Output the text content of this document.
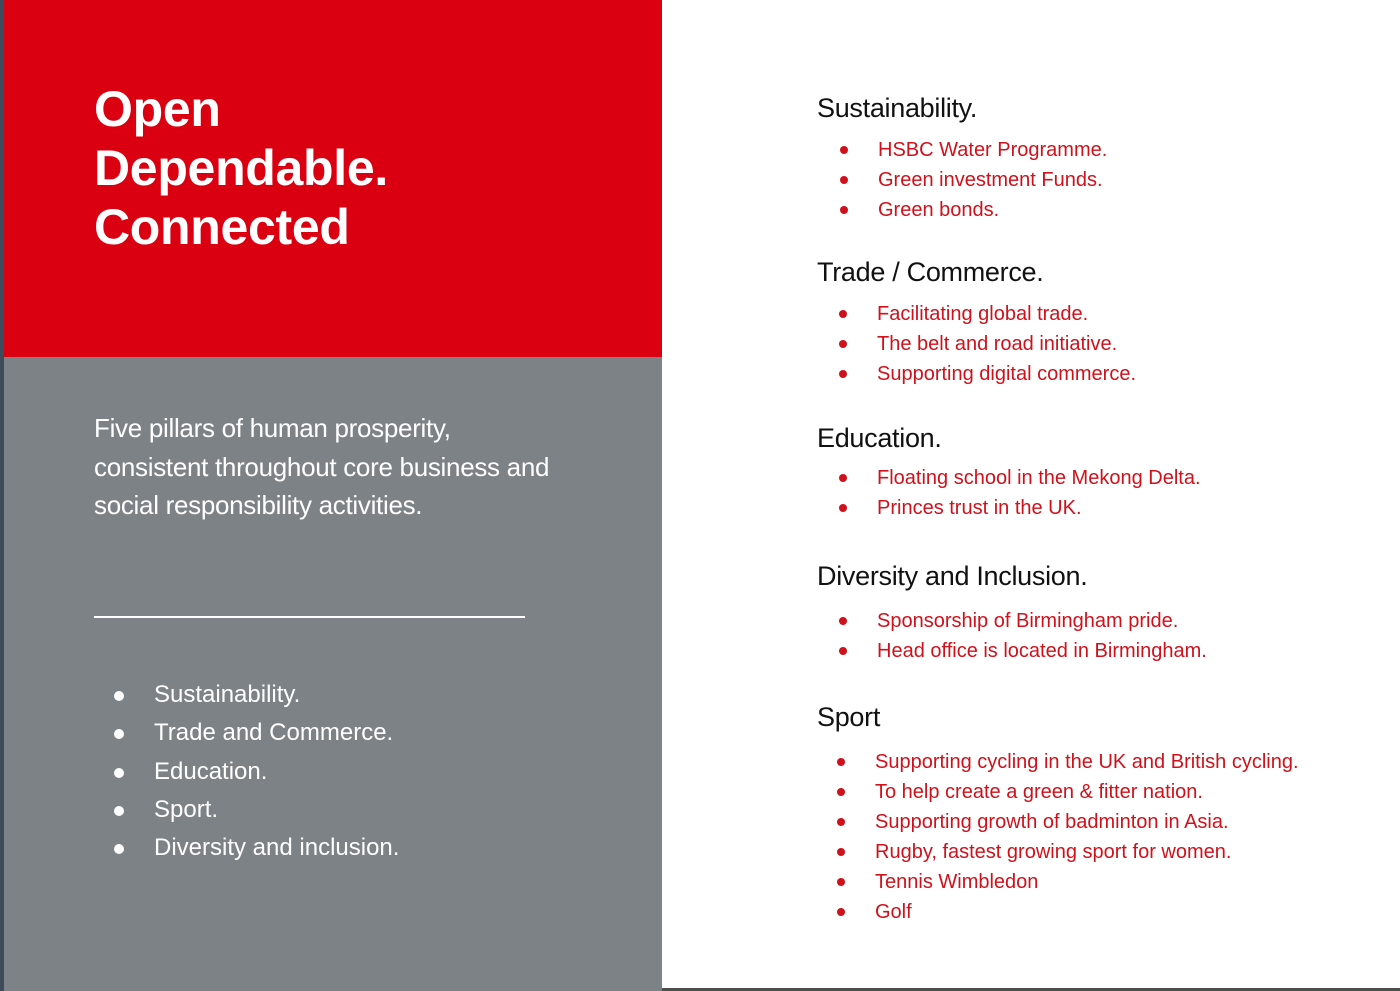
Open
Dependable.
Connected

Five pillars of human prosperity, consistent throughout core business and social responsibility activities.

Sustainability.
Trade and Commerce.
Education.
Sport.
Diversity and inclusion.
Sustainability.
HSBC Water Programme.
Green investment Funds.
Green bonds.
Trade / Commerce.
Facilitating global trade.
The belt and road initiative.
Supporting digital commerce.
Education.
Floating school in the Mekong Delta.
Princes trust in the UK.
Diversity and Inclusion.
Sponsorship of Birmingham pride.
Head office is located in Birmingham.
Sport
Supporting cycling in the UK and British cycling.
To help create a green & fitter nation.
Supporting growth of badminton in Asia.
Rugby, fastest growing sport for women.
Tennis Wimbledon
Golf
